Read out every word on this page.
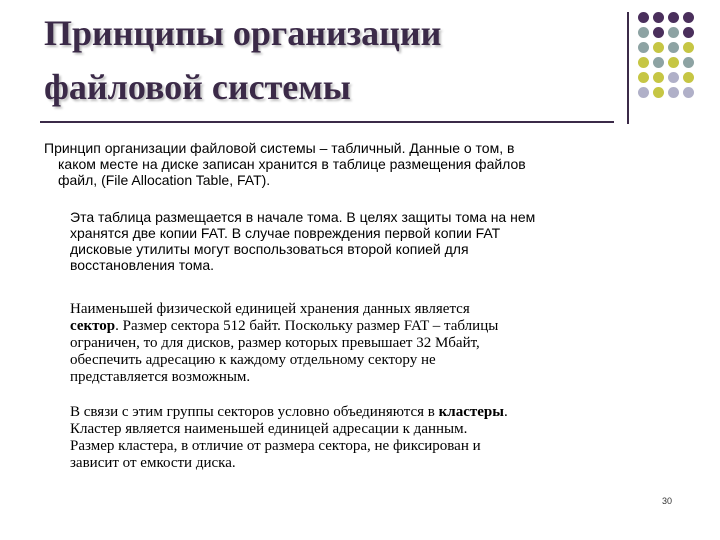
Принципы организации
файловой системы

Принцип организации файловой системы – табличный. Данные о том, в
каком месте на диске записан хранится в таблице размещения файлов
файл, (File Allocation Table, FAT).

Эта таблица размещается в начале тома. В целях защиты тома на нем
хранятся две копии FAT. В случае повреждения первой копии FAT
дисковые утилиты могут воспользоваться второй копией для
восстановления тома.

Наименьшей физической единицей хранения данных является
сектор. Размер сектора 512 байт. Поскольку размер FAT – таблицы
ограничен, то для дисков, размер которых превышает 32 Мбайт,
обеспечить адресацию к каждому отдельному сектору не
представляется возможным.

В связи с этим группы секторов условно объединяются в кластеры.
Кластер является наименьшей единицей адресации к данным.
Размер кластера, в отличие от размера сектора, не фиксирован и
зависит от емкости диска.

30
